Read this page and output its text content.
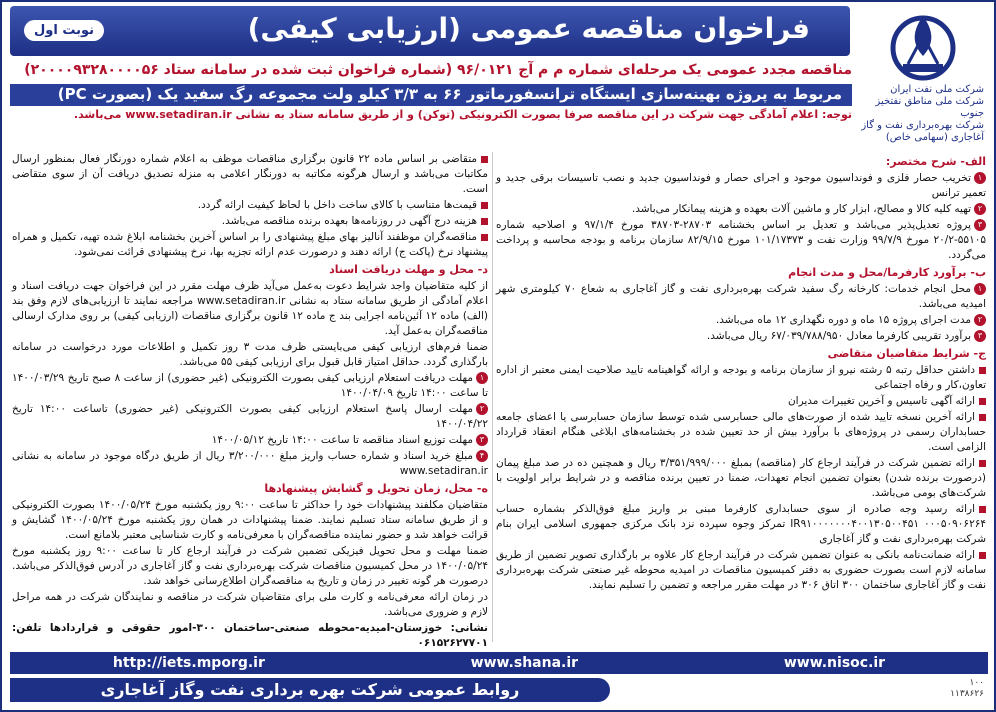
فراخوان مناقصه عمومی (ارزیابی کیفی)
نوبت اول
مناقصه مجدد عمومی یک مرحله‌ای شماره م م آج ۹۶/۰۱۲۱ (شماره فراخوان ثبت شده در سامانه ستاد ۲۰۰۰۰۹۳۲۸۰۰۰۰۵۶)
مربوط به پروژه بهینه‌سازی ایستگاه ترانسفورماتور ۶۶ به ۳/۳ کیلو ولت مجموعه رگ سفید یک (بصورت PC)
توجه: اعلام آمادگی جهت شرکت در این مناقصه صرفا بصورت الکترونیکی (توکن) و از طریق سامانه ستاد به نشانی www.setadiran.ir می‌باشد.
شرکت ملی نفت ایران
شرکت ملی مناطق نفتخیز جنوب
شرکت بهره‌برداری نفت و گاز
آغاجاری (سهامی خاص)
الف- شرح مختصر:
۱تخریب حصار فلزی و فونداسیون موجود و اجرای حصار و فونداسیون جدید و نصب تاسیسات برقی جدید و تعمیر ترانس
۲تهیه کلیه کالا و مصالح، ابزار کار و ماشین آلات بعهده و هزینه پیمانکار می‌باشد.
۳پروژه تعدیل‌پذیر می‌باشد و تعدیل بر اساس بخشنامه ۲۸۷۰۳-۳۸۷۰۳ مورخ ۹۷/۱/۴ و اصلاحیه شماره ۵۵۱۰۵-۲۰/۲ مورخ ۹۹/۷/۹ وزارت نفت و ۱۰۱/۱۷۳۷۳ مورخ ۸۲/۹/۱۵ سازمان برنامه و بودجه محاسبه و پرداخت می‌گردد.
ب- برآورد کارفرما/محل و مدت انجام
۱محل انجام خدمات: کارخانه رگ سفید شرکت بهره‌برداری نفت و گاز آغاجاری به شعاع ۷۰ کیلومتری شهر امیدیه می‌باشد.
۲مدت اجرای پروژه ۱۵ ماه و دوره نگهداری ۱۲ ماه می‌باشد.
۳برآورد تقریبی کارفرما معادل ۶۷/۰۳۹/۷۸۸/۹۵۰ ریال می‌باشد.
ج- شرایط متقاضیان متقاضی
داشتن حداقل رتبه ۵ رشته نیرو از سازمان برنامه و بودجه و ارائه گواهینامه تایید صلاحیت ایمنی معتبر از اداره تعاون،کار و رفاه اجتماعی
ارائه آگهی تاسیس و آخرین تغییرات مدیران
ارائه آخرین نسخه تایید شده از صورت‌های مالی حسابرسی شده توسط سازمان حسابرسی یا اعضای جامعه حسابداران رسمی در پروژه‌های با برآورد بیش از حد تعیین شده در بخشنامه‌های ابلاغی هنگام انعقاد قرارداد الزامی است.
ارائه تضمین شرکت در فرآیند ارجاع کار (مناقصه) بمبلغ ۳/۳۵۱/۹۹۹/۰۰۰ ریال و همچنین ده در صد مبلغ پیمان (درصورت برنده شدن) بعنوان تضمین انجام تعهدات، ضمنا در تعیین برنده مناقصه و در شرایط برابر اولویت با شرکت‌های بومی می‌باشد.
ارائه رسید وجه صادره از سوی حسابداری کارفرما مبنی بر واریز مبلغ فوق‌الذکر بشماره حساب IR۹۱۰۰۰۰۰۰۰۴۰۰۱۳۰۵۰۰۴۵۱ ۰۰۰۵۰۹۰۶۲۶۴ تمرکز وجوه سپرده نزد بانک مرکزی جمهوری اسلامی ایران بنام شرکت بهره‌برداری نفت و گاز آغاجاری
ارائه ضمانت‌نامه بانکی به عنوان تضمین شرکت در فرآیند ارجاع کار علاوه بر بارگذاری تصویر تضمین از طریق سامانه لازم است بصورت حضوری به دفتر کمیسیون مناقصات در امیدیه محوطه غیر صنعتی شرکت بهره‌برداری نفت و گاز آغاجاری ساختمان ۳۰۰ اتاق ۳۰۶ در مهلت مقرر مراجعه و تضمین را تسلیم نمایند.
متقاضی بر اساس ماده ۲۲ قانون برگزاری مناقصات موظف به اعلام شماره دورنگار فعال بمنظور ارسال مکاتبات می‌باشد و ارسال هرگونه مکاتبه به دورنگار اعلامی به منزله تصدیق دریافت آن از سوی متقاضی است.
قیمت‌ها متناسب با کالای ساخت داخل با لحاظ کیفیت ارائه گردد.
هزینه درج آگهی در روزنامه‌ها بعهده برنده مناقصه می‌باشد.
مناقصه‌گران موظفند آنالیز بهای مبلغ پیشنهادی را بر اساس آخرین بخشنامه ابلاغ شده تهیه، تکمیل و همراه پیشنهاد نرخ (پاکت ج) ارائه دهند و درصورت عدم ارائه تجزیه بها، نرخ پیشنهادی قرائت نمی‌شود.
د- محل و مهلت دریافت اسناد
از کلیه متقاضیان واجد شرایط دعوت به‌عمل می‌آید ظرف مهلت مقرر در این فراخوان جهت دریافت اسناد و اعلام آمادگی از طریق سامانه ستاد به نشانی www.setadiran.ir مراجعه نمایند تا ارزیابی‌های لازم وفق بند (الف) ماده ۱۲ آئین‌نامه اجرایی بند ج ماده ۱۲ قانون برگزاری مناقصات (ارزیابی کیفی) بر روی مدارک ارسالی مناقصه‌گران به‌عمل آید.
ضمنا فرم‌های ارزیابی کیفی می‌بایستی ظرف مدت ۳ روز تکمیل و اطلاعات مورد درخواست در سامانه بارگذاری گردد. حداقل امتیاز قابل قبول برای ارزیابی کیفی ۵۵ می‌باشد.
۱مهلت دریافت استعلام ارزیابی کیفی بصورت الکترونیکی (غیر حضوری) از ساعت ۸ صبح تاریخ ۱۴۰۰/۰۳/۲۹ تا ساعت ۱۴:۰۰ تاریخ ۱۴۰۰/۰۴/۰۹
۲مهلت ارسال پاسخ استعلام ارزیابی کیفی بصورت الکترونیکی (غیر حضوری) تاساعت ۱۴:۰۰ تاریخ ۱۴۰۰/۰۴/۲۲
۳مهلت توزیع اسناد مناقصه تا ساعت ۱۴:۰۰ تاریخ ۱۴۰۰/۰۵/۱۲
۴مبلغ خرید اسناد و شماره حساب واریز مبلغ ۳/۲۰۰/۰۰۰ ریال از طریق درگاه موجود در سامانه به نشانی www.setadiran.ir
ه- محل، زمان تحویل و گشایش پیشنهادها
متقاضیان مکلفند پیشنهادات خود را حداکثر تا ساعت ۹:۰۰ روز یکشنبه مورخ ۱۴۰۰/۰۵/۲۴ بصورت الکترونیکی و از طریق سامانه ستاد تسلیم نمایند. ضمنا پیشنهادات در همان روز یکشنبه مورخ ۱۴۰۰/۰۵/۲۴ گشایش و قرائت خواهد شد و حضور نماینده مناقصه‌گران با معرفی‌نامه و کارت شناسایی معتبر بلامانع است.
ضمنا مهلت و محل تحویل فیزیکی تضمین شرکت در فرآیند ارجاع کار تا ساعت ۹:۰۰ روز یکشنبه مورخ ۱۴۰۰/۰۵/۲۴ در محل کمیسیون مناقصات شرکت بهره‌برداری نفت و گاز آغاجاری در آدرس فوق‌الذکر می‌باشد. درصورت هر گونه تغییر در زمان و تاریخ به مناقصه‌گران اطلاع‌رسانی خواهد شد.
در زمان ارائه معرفی‌نامه و کارت ملی برای متقاضیان شرکت در مناقصه و نمایندگان شرکت در همه مراحل لازم و ضروری می‌باشد.
نشانی: خوزستان-امیدیه-محوطه صنعتی-ساختمان ۳۰۰-امور حقوقی و قراردادها تلفن: ۰۶۱۵۲۶۲۷۷۰۱
http://iets.mporg.ir	www.shana.ir	www.nisoc.ir
روابط عمومی شرکت بهره برداری نفت وگاز آغاجاری	۱۰۰
۱۱۳۸۶۲۶
